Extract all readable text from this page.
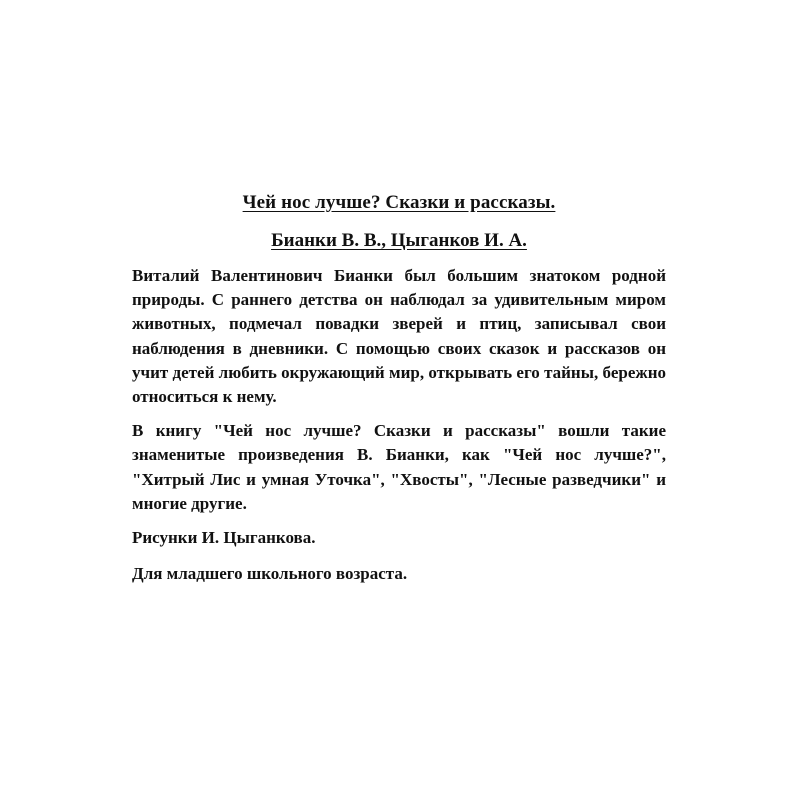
Чей нос лучше? Сказки и рассказы.
Бианки В. В., Цыганков И. А.

Виталий Валентинович Бианки был большим знатоком родной природы. С раннего детства он наблюдал за удивительным миром животных, подмечал повадки зверей и птиц, записывал свои наблюдения в дневники. С помощью своих сказок и рассказов он учит детей любить окружающий мир, открывать его тайны, бережно относиться к нему.

В книгу "Чей нос лучше? Сказки и рассказы" вошли такие знаменитые произведения В. Бианки, как "Чей нос лучше?", "Хитрый Лис и умная Уточка", "Хвосты", "Лесные разведчики" и многие другие.

Рисунки И. Цыганкова.
Для младшего школьного возраста.
